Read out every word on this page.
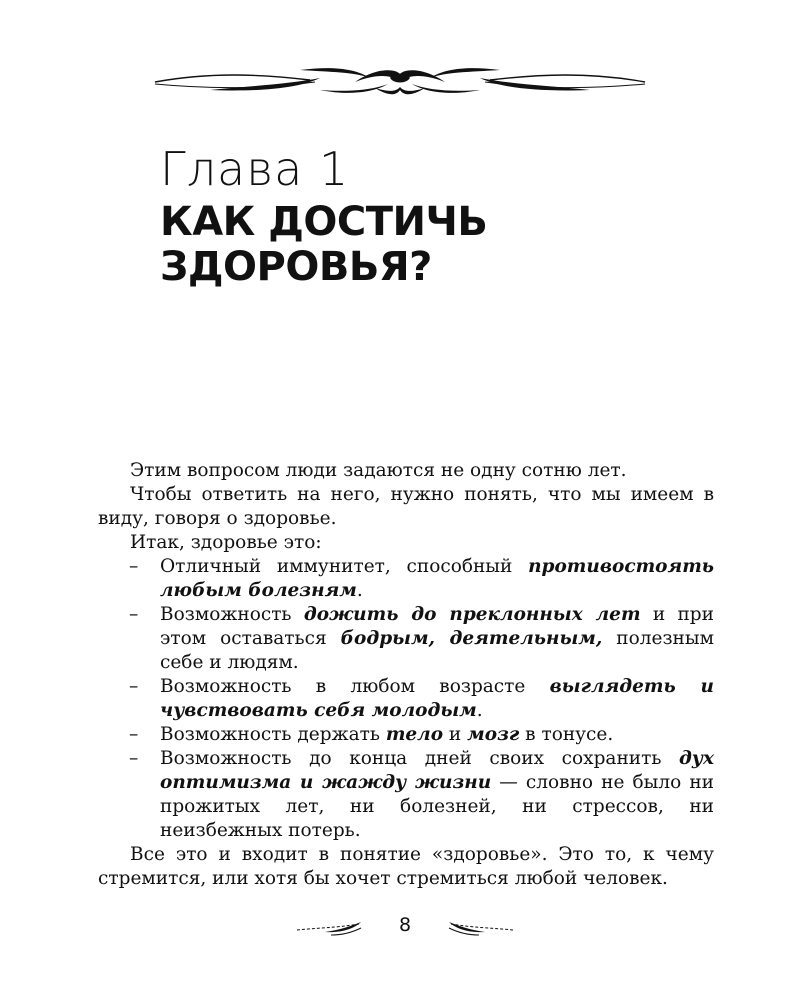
Глава 1
КАК ДОСТИЧЬ
ЗДОРОВЬЯ?

Этим вопросом люди задаются не одну сотню лет.

Чтобы ответить на него, нужно понять, что мы имеем в виду, говоря о здоровье.

Итак, здоровье это:

– Отличный иммунитет, способный противостоять любым болезням.
– Возможность дожить до преклонных лет и при этом оставаться бодрым, деятельным, полезным себе и людям.
– Возможность в любом возрасте выглядеть и чувствовать себя молодым.
– Возможность держать тело и мозг в тонусе.
– Возможность до конца дней своих сохранить дух оптимизма и жажду жизни — словно не было ни прожитых лет, ни болезней, ни стрессов, ни неизбежных потерь.

Все это и входит в понятие «здоровье». Это то, к чему стремится, или хотя бы хочет стремиться любой человек.

8
